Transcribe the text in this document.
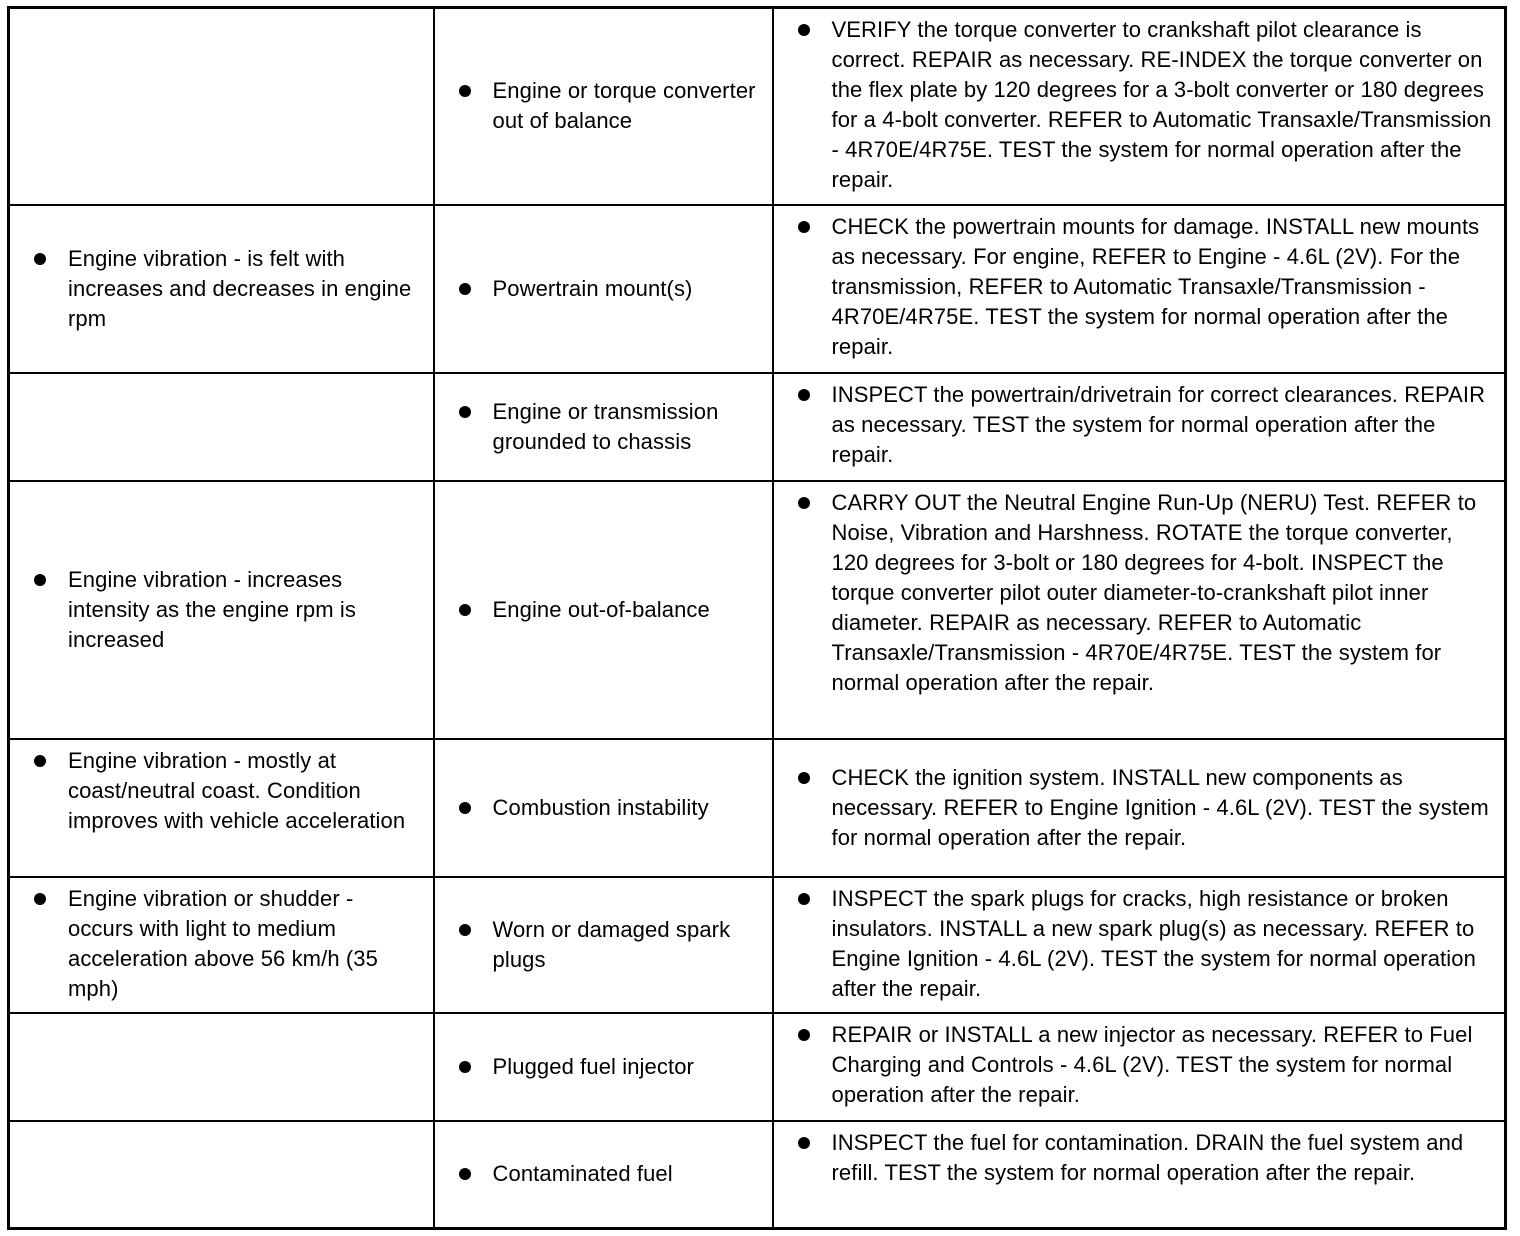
	Engine or torque converter out of balance	VERIFY the torque converter to crankshaft pilot clearance is correct. REPAIR as necessary. RE-INDEX the torque converter on the flex plate by 120 degrees for a 3-bolt converter or 180 degrees for a 4-bolt converter. REFER to Automatic Transaxle/Transmission - 4R70E/4R75E. TEST the system for normal operation after the repair.

Engine vibration - is felt with increases and decreases in engine rpm	Powertrain mount(s)	CHECK the powertrain mounts for damage. INSTALL new mounts as necessary. For engine, REFER to Engine - 4.6L (2V). For the transmission, REFER to Automatic Transaxle/Transmission - 4R70E/4R75E. TEST the system for normal operation after the repair.

	Engine or transmission grounded to chassis	INSPECT the powertrain/drivetrain for correct clearances. REPAIR as necessary. TEST the system for normal operation after the repair.

Engine vibration - increases intensity as the engine rpm is increased	Engine out-of-balance	CARRY OUT the Neutral Engine Run-Up (NERU) Test. REFER to Noise, Vibration and Harshness. ROTATE the torque converter, 120 degrees for 3-bolt or 180 degrees for 4-bolt. INSPECT the torque converter pilot outer diameter-to-crankshaft pilot inner diameter. REPAIR as necessary. REFER to Automatic Transaxle/Transmission - 4R70E/4R75E. TEST the system for normal operation after the repair.

Engine vibration - mostly at coast/neutral coast. Condition improves with vehicle acceleration	Combustion instability	CHECK the ignition system. INSTALL new components as necessary. REFER to Engine Ignition - 4.6L (2V). TEST the system for normal operation after the repair.

Engine vibration or shudder - occurs with light to medium acceleration above 56 km/h (35 mph)	Worn or damaged spark plugs	INSPECT the spark plugs for cracks, high resistance or broken insulators. INSTALL a new spark plug(s) as necessary. REFER to Engine Ignition - 4.6L (2V). TEST the system for normal operation after the repair.

	Plugged fuel injector	REPAIR or INSTALL a new injector as necessary. REFER to Fuel Charging and Controls - 4.6L (2V). TEST the system for normal operation after the repair.

	Contaminated fuel	INSPECT the fuel for contamination. DRAIN the fuel system and refill. TEST the system for normal operation after the repair.
